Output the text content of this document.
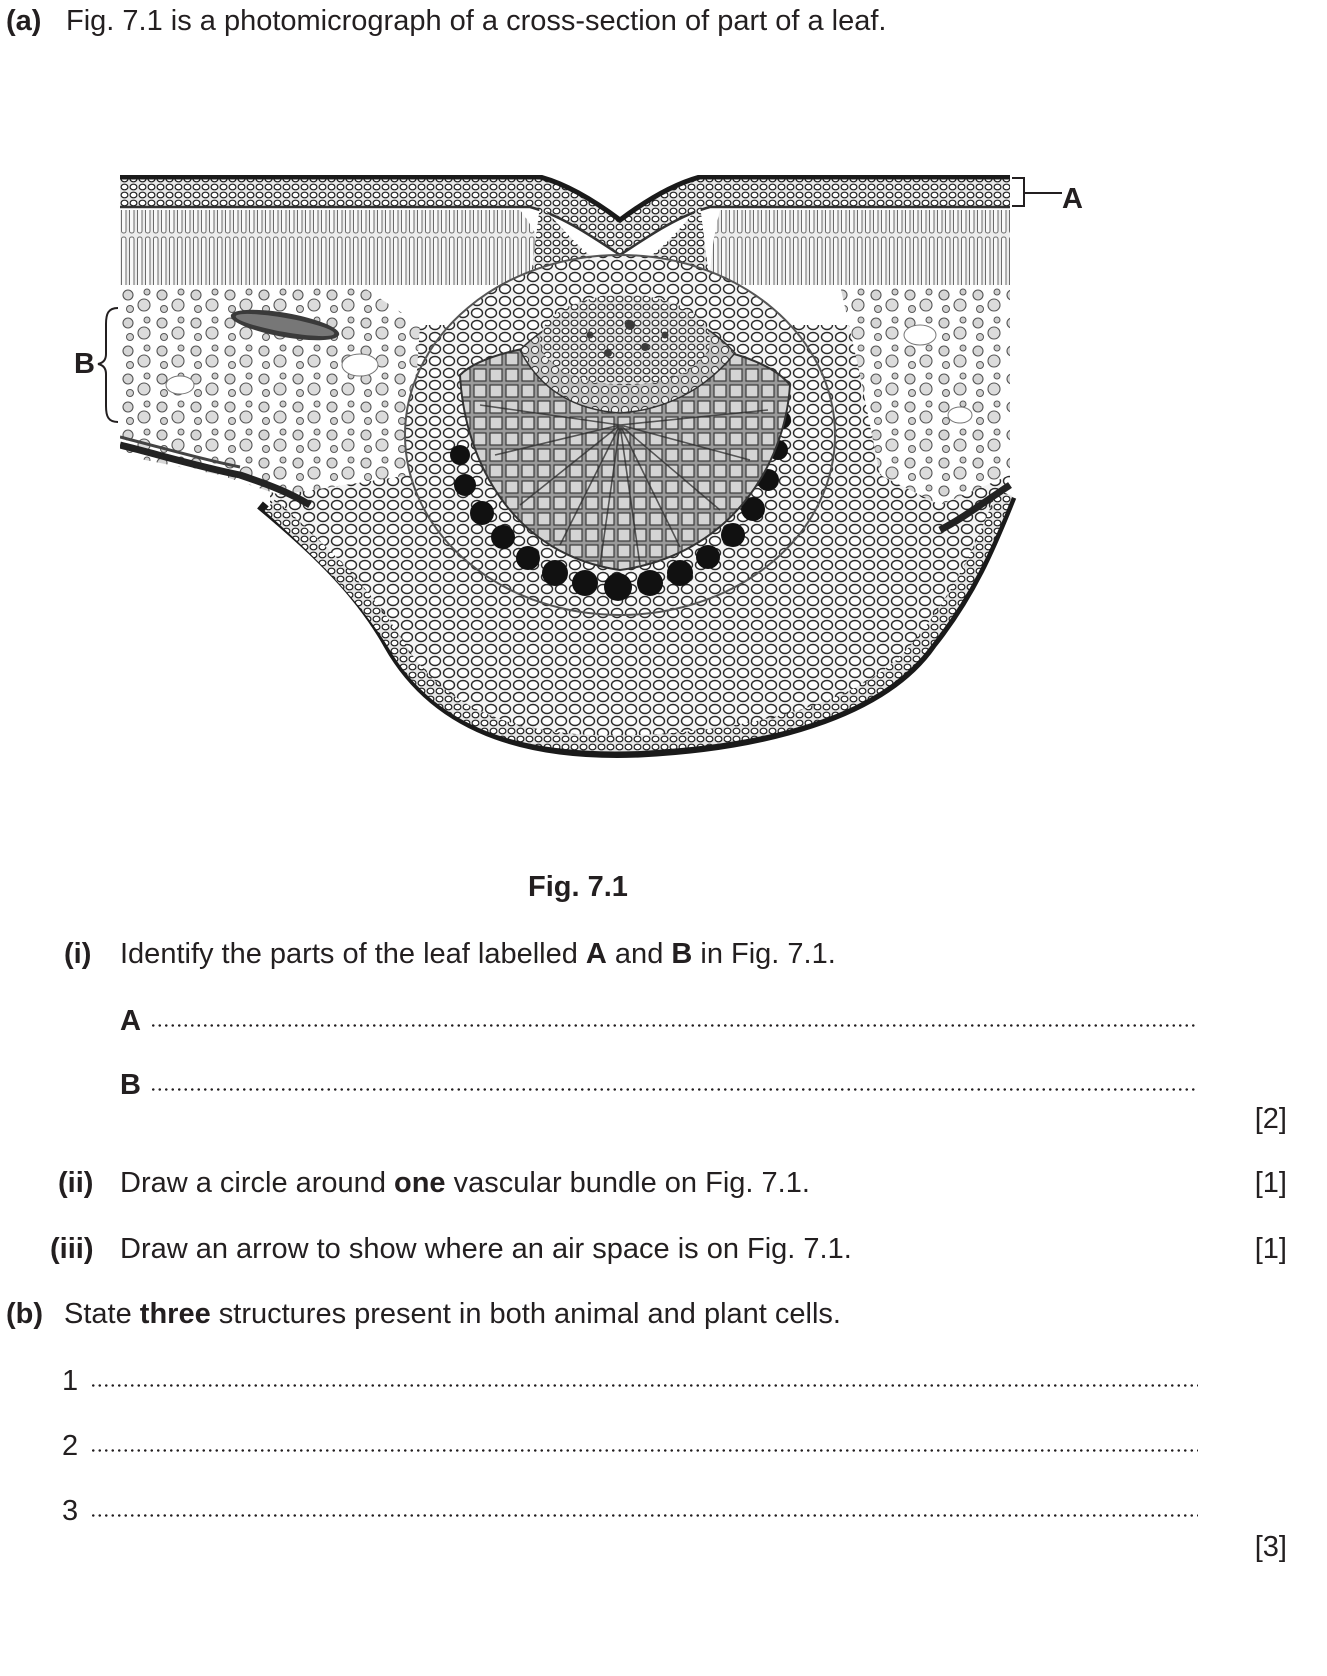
(a) Fig. 7.1 is a photomicrograph of a cross-section of part of a leaf.
A
B
Fig. 7.1
(i) Identify the parts of the leaf labelled A and B in Fig. 7.1.
A
B
[2]
(ii) Draw a circle around one vascular bundle on Fig. 7.1.	[1]
(iii) Draw an arrow to show where an air space is on Fig. 7.1.	[1]
(b) State three structures present in both animal and plant cells.
1
2
3
[3]
